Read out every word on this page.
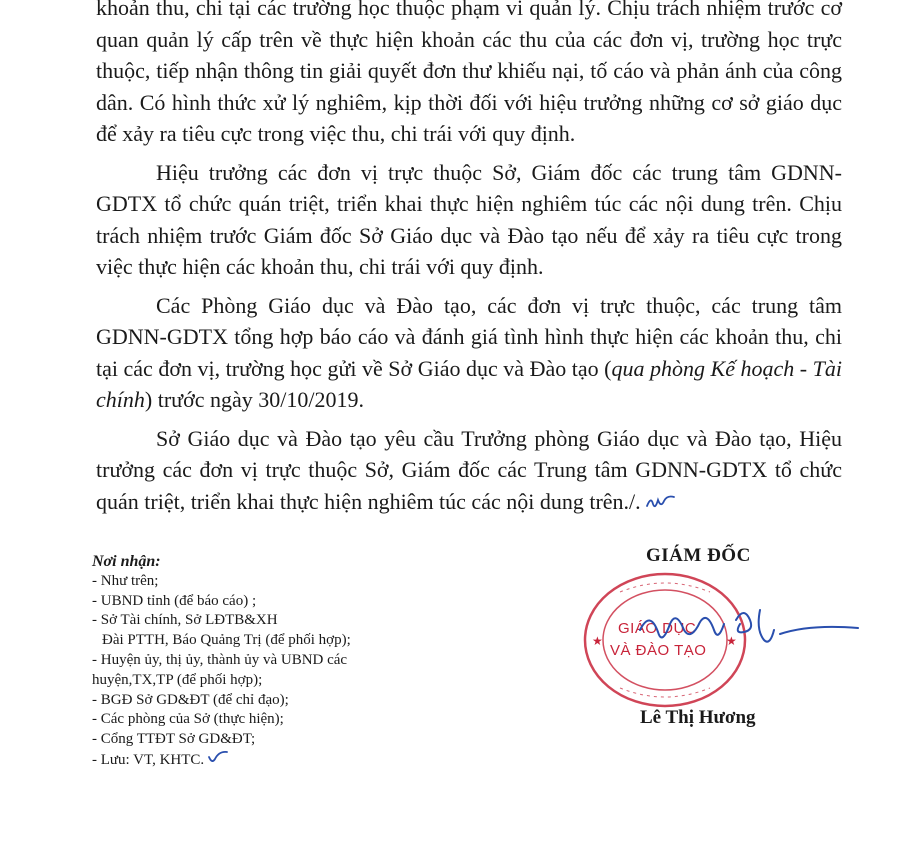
khoản thu, chi tại các trường học thuộc phạm vi quản lý. Chịu trách nhiệm trước cơ quan quản lý cấp trên về thực hiện khoản các thu của các đơn vị, trường học trực thuộc, tiếp nhận thông tin giải quyết đơn thư khiếu nại, tố cáo và phản ánh của công dân. Có hình thức xử lý nghiêm, kịp thời đối với hiệu trưởng những cơ sở giáo dục để xảy ra tiêu cực trong việc thu, chi trái với quy định.

Hiệu trưởng các đơn vị trực thuộc Sở, Giám đốc các trung tâm GDNN-GDTX tổ chức quán triệt, triển khai thực hiện nghiêm túc các nội dung trên. Chịu trách nhiệm trước Giám đốc Sở Giáo dục và Đào tạo nếu để xảy ra tiêu cực trong việc thực hiện các khoản thu, chi trái với quy định.

Các Phòng Giáo dục và Đào tạo, các đơn vị trực thuộc, các trung tâm GDNN-GDTX tổng hợp báo cáo và đánh giá tình hình thực hiện các khoản thu, chi tại các đơn vị, trường học gửi về Sở Giáo dục và Đào tạo (qua phòng Kế hoạch - Tài chính) trước ngày 30/10/2019.

Sở Giáo dục và Đào tạo yêu cầu Trưởng phòng Giáo dục và Đào tạo, Hiệu trưởng các đơn vị trực thuộc Sở, Giám đốc các Trung tâm GDNN-GDTX tổ chức quán triệt, triển khai thực hiện nghiêm túc các nội dung trên./.

Nơi nhận:
- Như trên;
- UBND tỉnh (để báo cáo) ;
- Sở Tài chính, Sở LĐTB&XH
Đài PTTH, Báo Quảng Trị (để phối hợp);
- Huyện ủy, thị ủy, thành ủy và UBND các
huyện,TX,TP (để phối hợp);
- BGĐ Sở GD&ĐT (để chỉ đạo);
- Các phòng của Sở (thực hiện);
- Cổng TTĐT Sở GD&ĐT;
- Lưu: VT, KHTC.
GIÁM ĐỐC
★	★
GIÁO DỤC
VÀ ĐÀO TẠO
Lê Thị Hương
